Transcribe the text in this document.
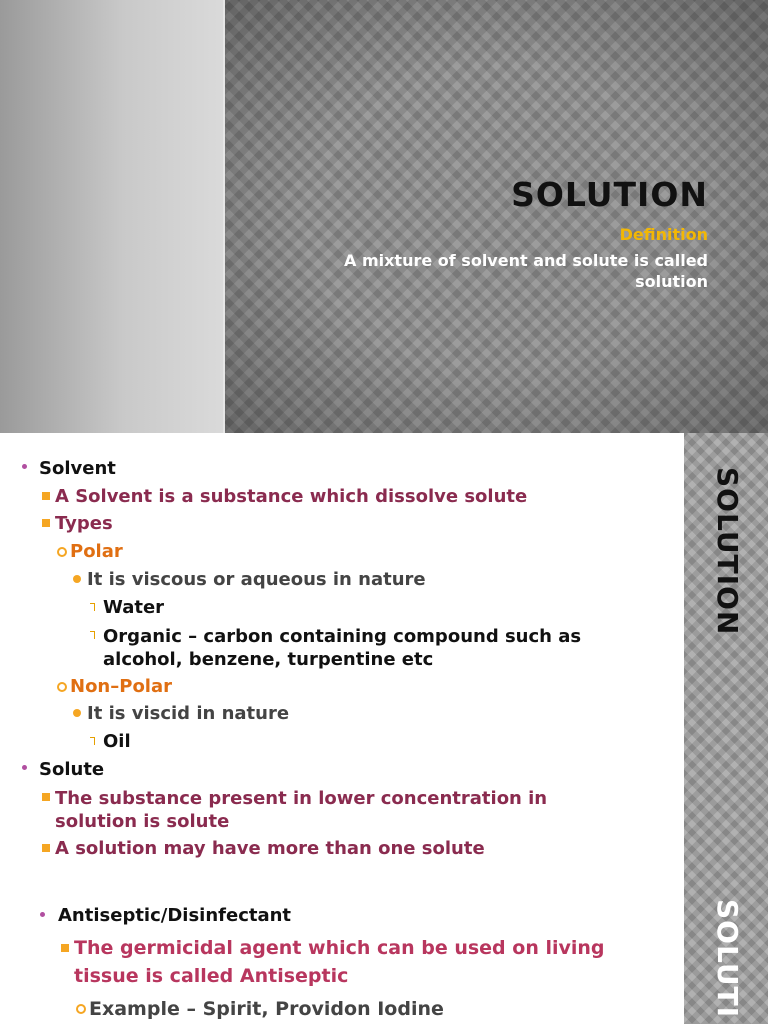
SOLUTION
Definition
A mixture of solvent and solute is called solution
SOLUTION
SOLUTI
Solvent
A Solvent is a substance which dissolve solute
Types
Polar
It is viscous or aqueous in nature
Water
Organic – carbon containing compound such as alcohol, benzene, turpentine etc
Non–Polar
It is viscid in nature
Oil
Solute
The substance present in lower concentration in solution is solute
A solution may have more than one solute
Antiseptic/Disinfectant
The germicidal agent which can be used on living tissue is called Antiseptic
Example – Spirit, Providon Iodine
